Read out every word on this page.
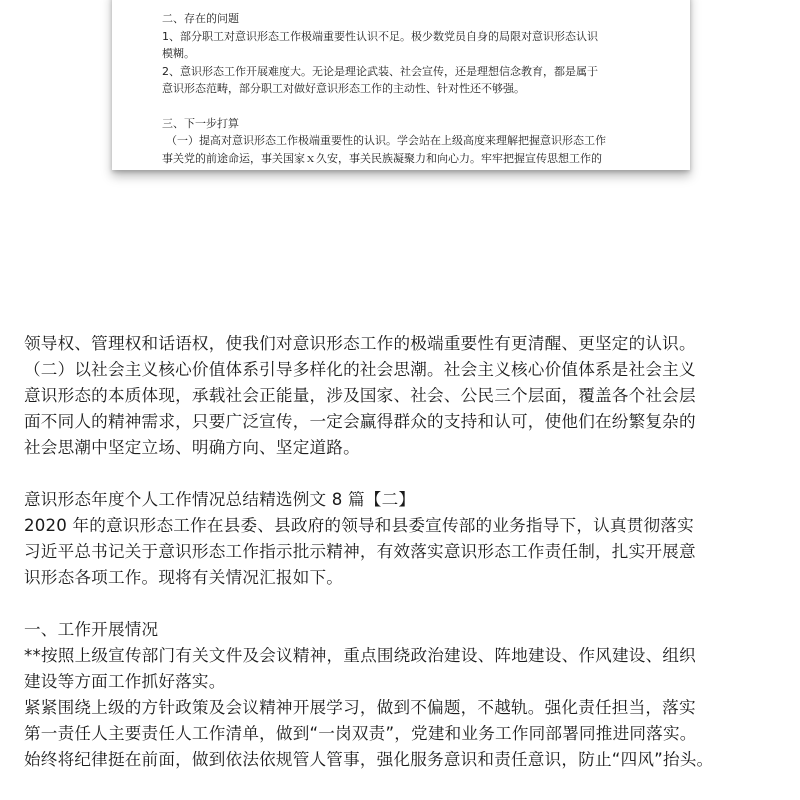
二、存在的问题

1、部分职工对意识形态工作极端重要性认识不足。极少数党员自身的局限对意识形态认识

模糊。

2、意识形态工作开展难度大。无论是理论武装、社会宣传，还是理想信念教育，都是属于

意识形态范畴，部分职工对做好意识形态工作的主动性、针对性还不够强。

三、下一步打算

（一）提高对意识形态工作极端重要性的认识。学会站在上级高度来理解把握意识形态工作

事关党的前途命运，事关国家ｘ久安，事关民族凝聚力和向心力。牢牢把握宣传思想工作的

领导权、管理权和话语权，使我们对意识形态工作的极端重要性有更清醒、更坚定的认识。

（二）以社会主义核心价值体系引导多样化的社会思潮。社会主义核心价值体系是社会主义

意识形态的本质体现，承载社会正能量，涉及国家、社会、公民三个层面，覆盖各个社会层

面不同人的精神需求，只要广泛宣传，一定会赢得群众的支持和认可，使他们在纷繁复杂的

社会思潮中坚定立场、明确方向、坚定道路。

意识形态年度个人工作情况总结精选例文 8 篇【二】

2020 年的意识形态工作在县委、县政府的领导和县委宣传部的业务指导下，认真贯彻落实

习近平总书记关于意识形态工作指示批示精神，有效落实意识形态工作责任制，扎实开展意

识形态各项工作。现将有关情况汇报如下。

一、工作开展情况

**按照上级宣传部门有关文件及会议精神，重点围绕政治建设、阵地建设、作风建设、组织

建设等方面工作抓好落实。

紧紧围绕上级的方针政策及会议精神开展学习，做到不偏题，不越轨。强化责任担当，落实

第一责任人主要责任人工作清单，做到“一岗双责”，党建和业务工作同部署同推进同落实。

始终将纪律挺在前面，做到依法依规管人管事，强化服务意识和责任意识，防止“四风”抬头。
